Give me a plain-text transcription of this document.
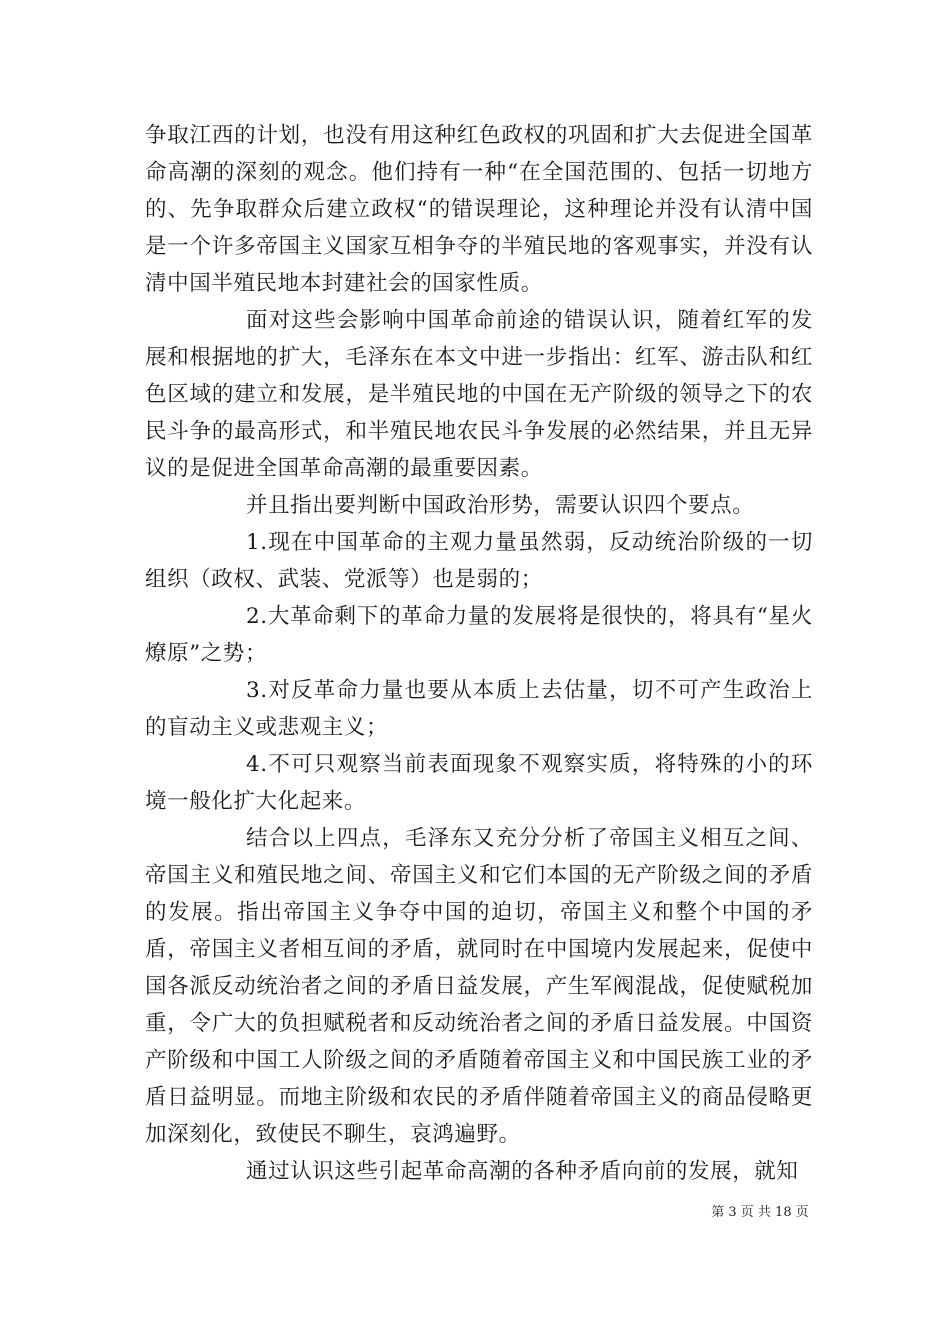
争取江西的计划，也没有用这种红色政权的巩固和扩大去促进全国革命高潮的深刻的观念。他们持有一种“在全国范围的、包括一切地方的、先争取群众后建立政权“的错误理论，这种理论并没有认清中国是一个许多帝国主义国家互相争夺的半殖民地的客观事实，并没有认清中国半殖民地本封建社会的国家性质。

面对这些会影响中国革命前途的错误认识，随着红军的发展和根据地的扩大，毛泽东在本文中进一步指出：红军、游击队和红色区域的建立和发展，是半殖民地的中国在无产阶级的领导之下的农民斗争的最高形式，和半殖民地农民斗争发展的必然结果，并且无异议的是促进全国革命高潮的最重要因素。

并且指出要判断中国政治形势，需要认识四个要点。

1.现在中国革命的主观力量虽然弱，反动统治阶级的一切组织（政权、武装、党派等）也是弱的；

2.大革命剩下的革命力量的发展将是很快的，将具有“星火燎原”之势；

3.对反革命力量也要从本质上去估量，切不可产生政治上的盲动主义或悲观主义；

4.不可只观察当前表面现象不观察实质，将特殊的小的环境一般化扩大化起来。

结合以上四点，毛泽东又充分分析了帝国主义相互之间、帝国主义和殖民地之间、帝国主义和它们本国的无产阶级之间的矛盾的发展。指出帝国主义争夺中国的迫切，帝国主义和整个中国的矛盾，帝国主义者相互间的矛盾，就同时在中国境内发展起来，促使中国各派反动统治者之间的矛盾日益发展，产生军阀混战，促使赋税加重，令广大的负担赋税者和反动统治者之间的矛盾日益发展。中国资产阶级和中国工人阶级之间的矛盾随着帝国主义和中国民族工业的矛盾日益明显。而地主阶级和农民的矛盾伴随着帝国主义的商品侵略更加深刻化，致使民不聊生，哀鸿遍野。

通过认识这些引起革命高潮的各种矛盾向前的发展，就知

第 3 页 共 18 页
